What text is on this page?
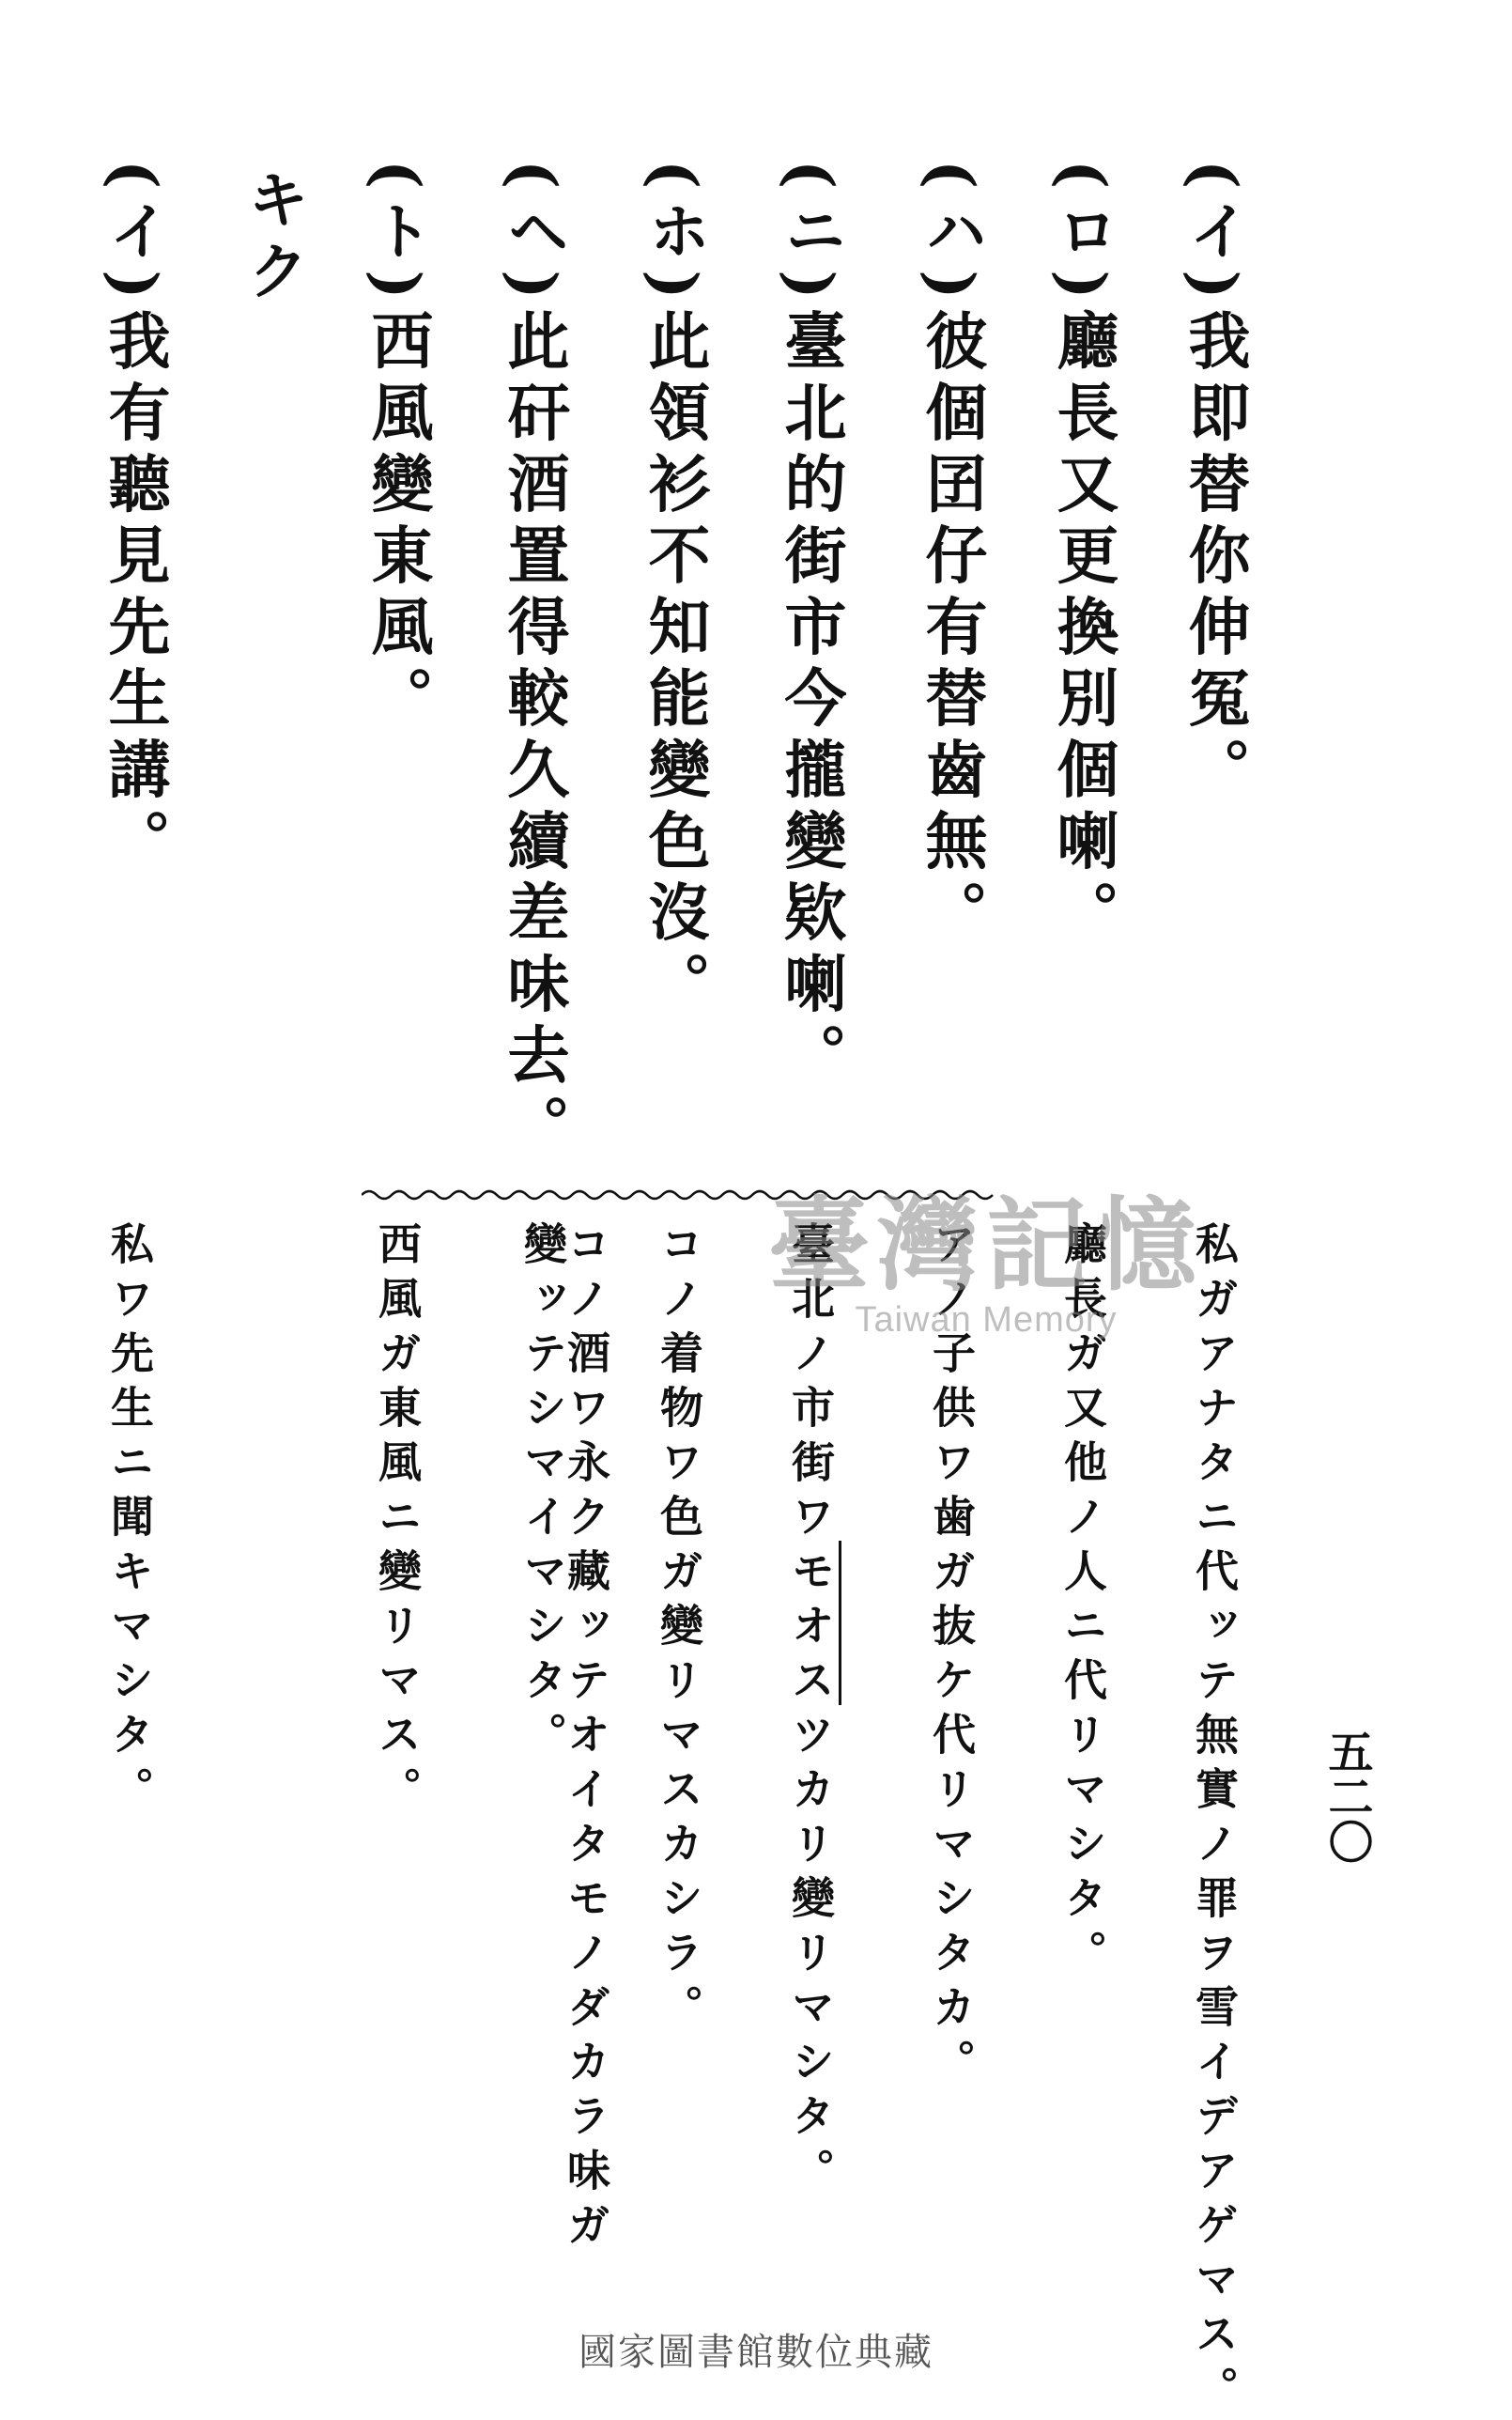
五二〇
(イ)我即替你伸冤。
(ロ)廳長又更換別個喇。
(ハ)彼個囝仔有替齒無。
(ニ)臺北的街市今攏變欵喇。
(ホ)此領衫不知能變色沒。
(ヘ)此矸酒置得較久續差味去。
(ト)西風變東風。
キク
(イ)我有聽見先生講。
私ガアナタニ代ッテ無實ノ罪ヲ雪イデアゲマス。
廳長ガ又他ノ人ニ代リマシタ。
アノ子供ワ歯ガ抜ケ代リマシタカ。
臺北ノ市街ワモオスツカリ變リマシタ。
コノ着物ワ色ガ變リマスカシラ。
コノ酒ワ永ク藏ッテオイタモノダカラ味ガ變ッテシマイマシタ。
西風ガ東風ニ變リマス。
私ワ先生ニ聞キマシタ。	臺灣記憶
Taiwan Memory
國家圖書館數位典藏
